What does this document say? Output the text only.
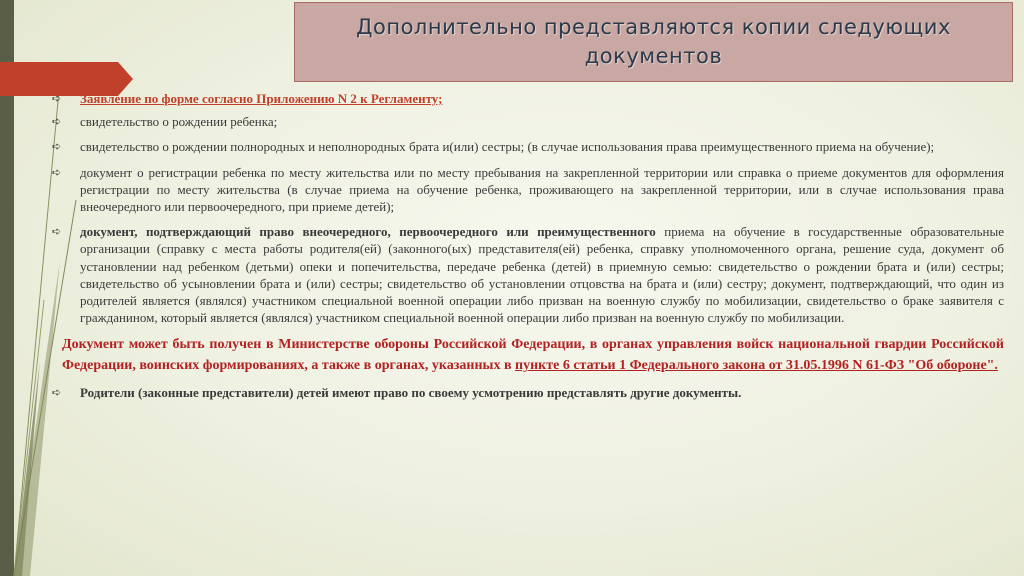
Дополнительно представляются копии следующих документов
➪	Заявление по форме согласно Приложению N 2 к Регламенту;
➪	свидетельство о рождении ребенка;
➪	свидетельство о рождении полнородных и неполнородных брата и(или) сестры; (в случае использования права преимущественного приема на обучение);
➪	документ о регистрации ребенка по месту жительства или по месту пребывания на закрепленной территории или справка о приеме документов для оформления регистрации по месту жительства (в случае приема на обучение ребенка, проживающего на закрепленной территории, или в случае использования права внеочередного или первоочередного, при приеме детей);
➪	документ, подтверждающий право внеочередного, первоочередного или преимущественного приема на обучение в государственные образовательные организации (справку с места работы родителя(ей) (законного(ых) представителя(ей) ребенка, справку уполномоченного органа, решение суда, документ об установлении над ребенком (детьми) опеки и попечительства, передаче ребенка (детей) в приемную семью: свидетельство о рождении брата и (или) сестры; свидетельство об усыновлении брата и (или) сестры; свидетельство об установлении отцовства на брата и (или) сестру; документ, подтверждающий, что один из родителей является (являлся) участником специальной военной операции либо призван на военную службу по мобилизации, свидетельство о браке заявителя с гражданином, который является (являлся) участником специальной военной операции либо призван на военную службу по мобилизации.
Документ может быть получен в Министерстве обороны Российской Федерации, в органах управления войск национальной гвардии Российской Федерации, воинских формированиях, а также в органах, указанных в пункте 6 статьи 1 Федерального закона от 31.05.1996 N 61-ФЗ "Об обороне".
➪	Родители (законные представители) детей имеют право по своему усмотрению представлять другие документы.
